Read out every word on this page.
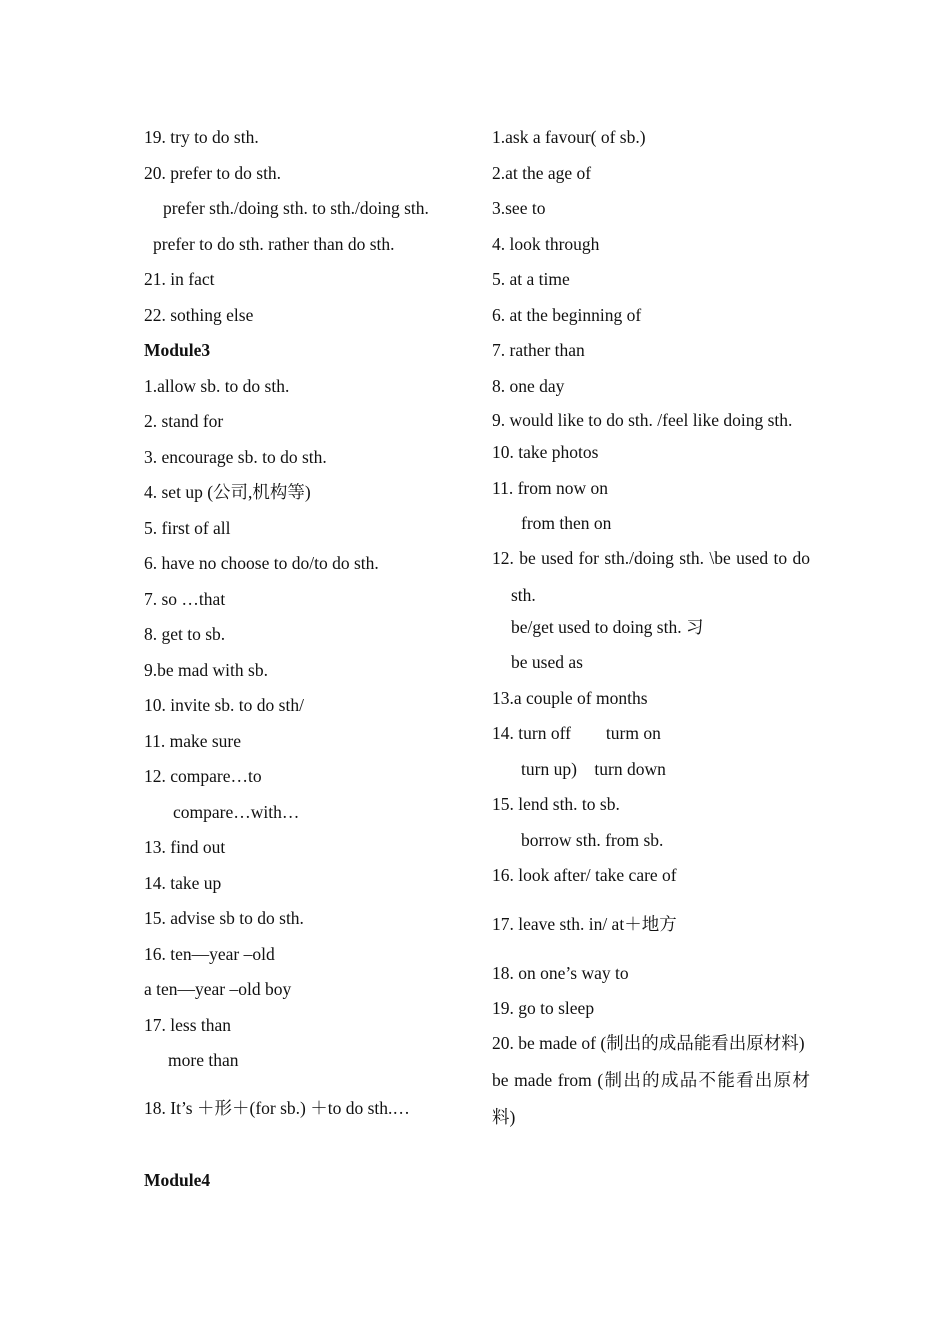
19. try to do sth.
20. prefer to do sth.
prefer sth./doing sth. to sth./doing sth.
prefer to do sth. rather than do sth.
21. in fact
22. sothing else
Module3
1.allow sb. to do sth.
2. stand for
3. encourage sb. to do sth.
4. set up (公司,机构等)
5. first of all
6. have no choose to do/to do sth.
7. so …that
8. get to sb.
9.be mad with sb.
10. invite sb. to do sth/
11. make sure
12. compare…to
compare…with…
13. find out
14. take up
15. advise sb to do sth.
16. ten—year –old
a ten—year –old boy
17. less than
more than
18. It’s ＋形＋(for sb.) ＋to do sth.…
Module4
1.ask a favour( of sb.)
2.at the age of
3.see to
4. look through
5. at a time
6. at the beginning of
7. rather than
8. one day
9. would like to do sth. /feel like doing sth.
10. take photos
11. from now on
from then on
12. be used for sth./doing sth. \be used to do sth.
be/get used to doing sth. 习
be used as
13.a couple of months
14. turn off        turm on
turn up)    turn down
15. lend sth. to sb.
borrow sth. from sb.
16. look after/ take care of
17. leave sth. in/ at＋地方
18. on one’s way to
19. go to sleep
20. be made of (制出的成品能看出原材料)
be made from (制出的成品不能看出原材料)
